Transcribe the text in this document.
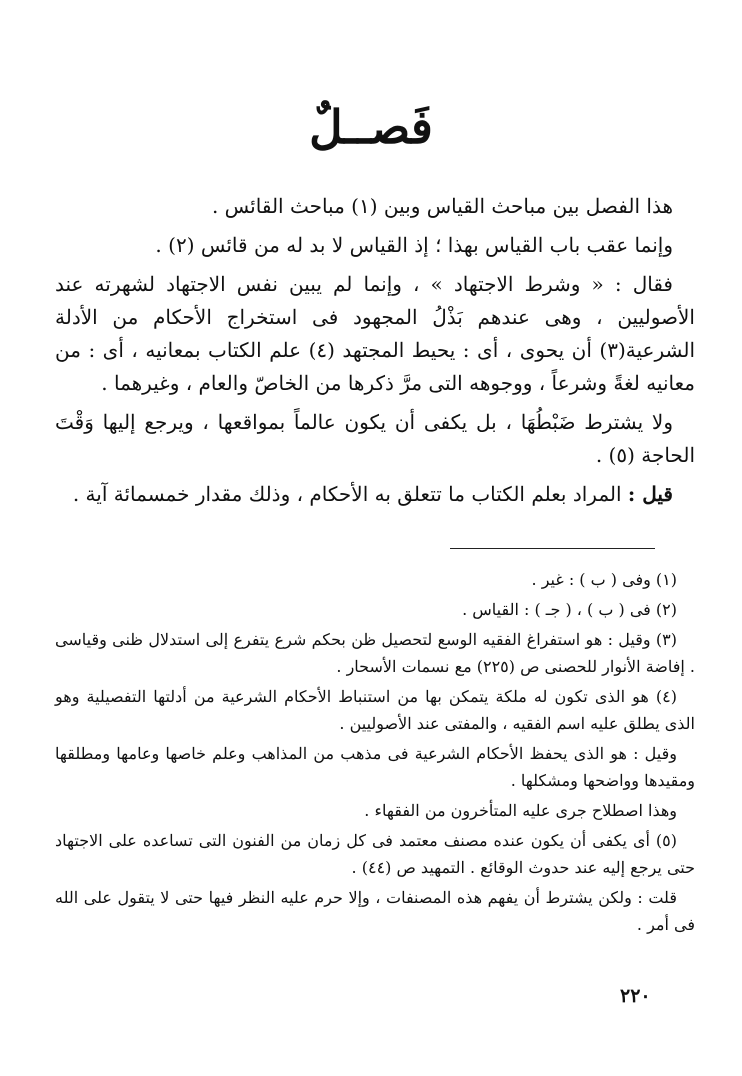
فَصــلٌ

هذا الفصل بين مباحث القياس وبين (١) مباحث القائس .

وإنما عقب باب القياس بهذا ؛ إذ القياس لا بد له من قائس (٢) .

فقال : « وشرط الاجتهاد » ، وإنما لم يبين نفس الاجتهاد لشهرته عند الأصوليين ، وهى عندهم بَذْلُ المجهود فى استخراج الأحكام من الأدلة الشرعية(٣) أن يحوى ، أى : يحيط المجتهد (٤) علم الكتاب بمعانيه ، أى : من معانيه لغةً وشرعاً ، ووجوهه التى مرَّ ذكرها من الخاصّ والعام ، وغيرهما .

ولا يشترط ضَبْطُهَا ، بل يكفى أن يكون عالماً بمواقعها ، ويرجع إليها وَقْتَ الحاجة (٥) .

قيل : المراد بعلم الكتاب ما تتعلق به الأحكام ، وذلك مقدار خمسمائة آية .

(١) وفى ( ب ) : غير .

(٢) فى ( ب ) ، ( جـ ) : القياس .

(٣) وقيل : هو استفراغ الفقيه الوسع لتحصيل ظن بحكم شرع يتفرع إلى استدلال ظنى وقياسى . إفاضة الأنوار للحصنى ص (٢٢٥) مع نسمات الأسحار .

(٤) هو الذى تكون له ملكة يتمكن بها من استنباط الأحكام الشرعية من أدلتها التفصيلية وهو الذى يطلق عليه اسم الفقيه ، والمفتى عند الأصوليين .

وقيل : هو الذى يحفظ الأحكام الشرعية فى مذهب من المذاهب وعلم خاصها وعامها ومطلقها ومقيدها وواضحها ومشكلها .

وهذا اصطلاح جرى عليه المتأخرون من الفقهاء .

(٥) أى يكفى أن يكون عنده مصنف معتمد فى كل زمان من الفنون التى تساعده على الاجتهاد حتى يرجع إليه عند حدوث الوقائع . التمهيد ص (٤٤) .

قلت : ولكن يشترط أن يفهم هذه المصنفات ، وإلا حرم عليه النظر فيها حتى لا يتقول على الله فى أمر .

٢٢٠
